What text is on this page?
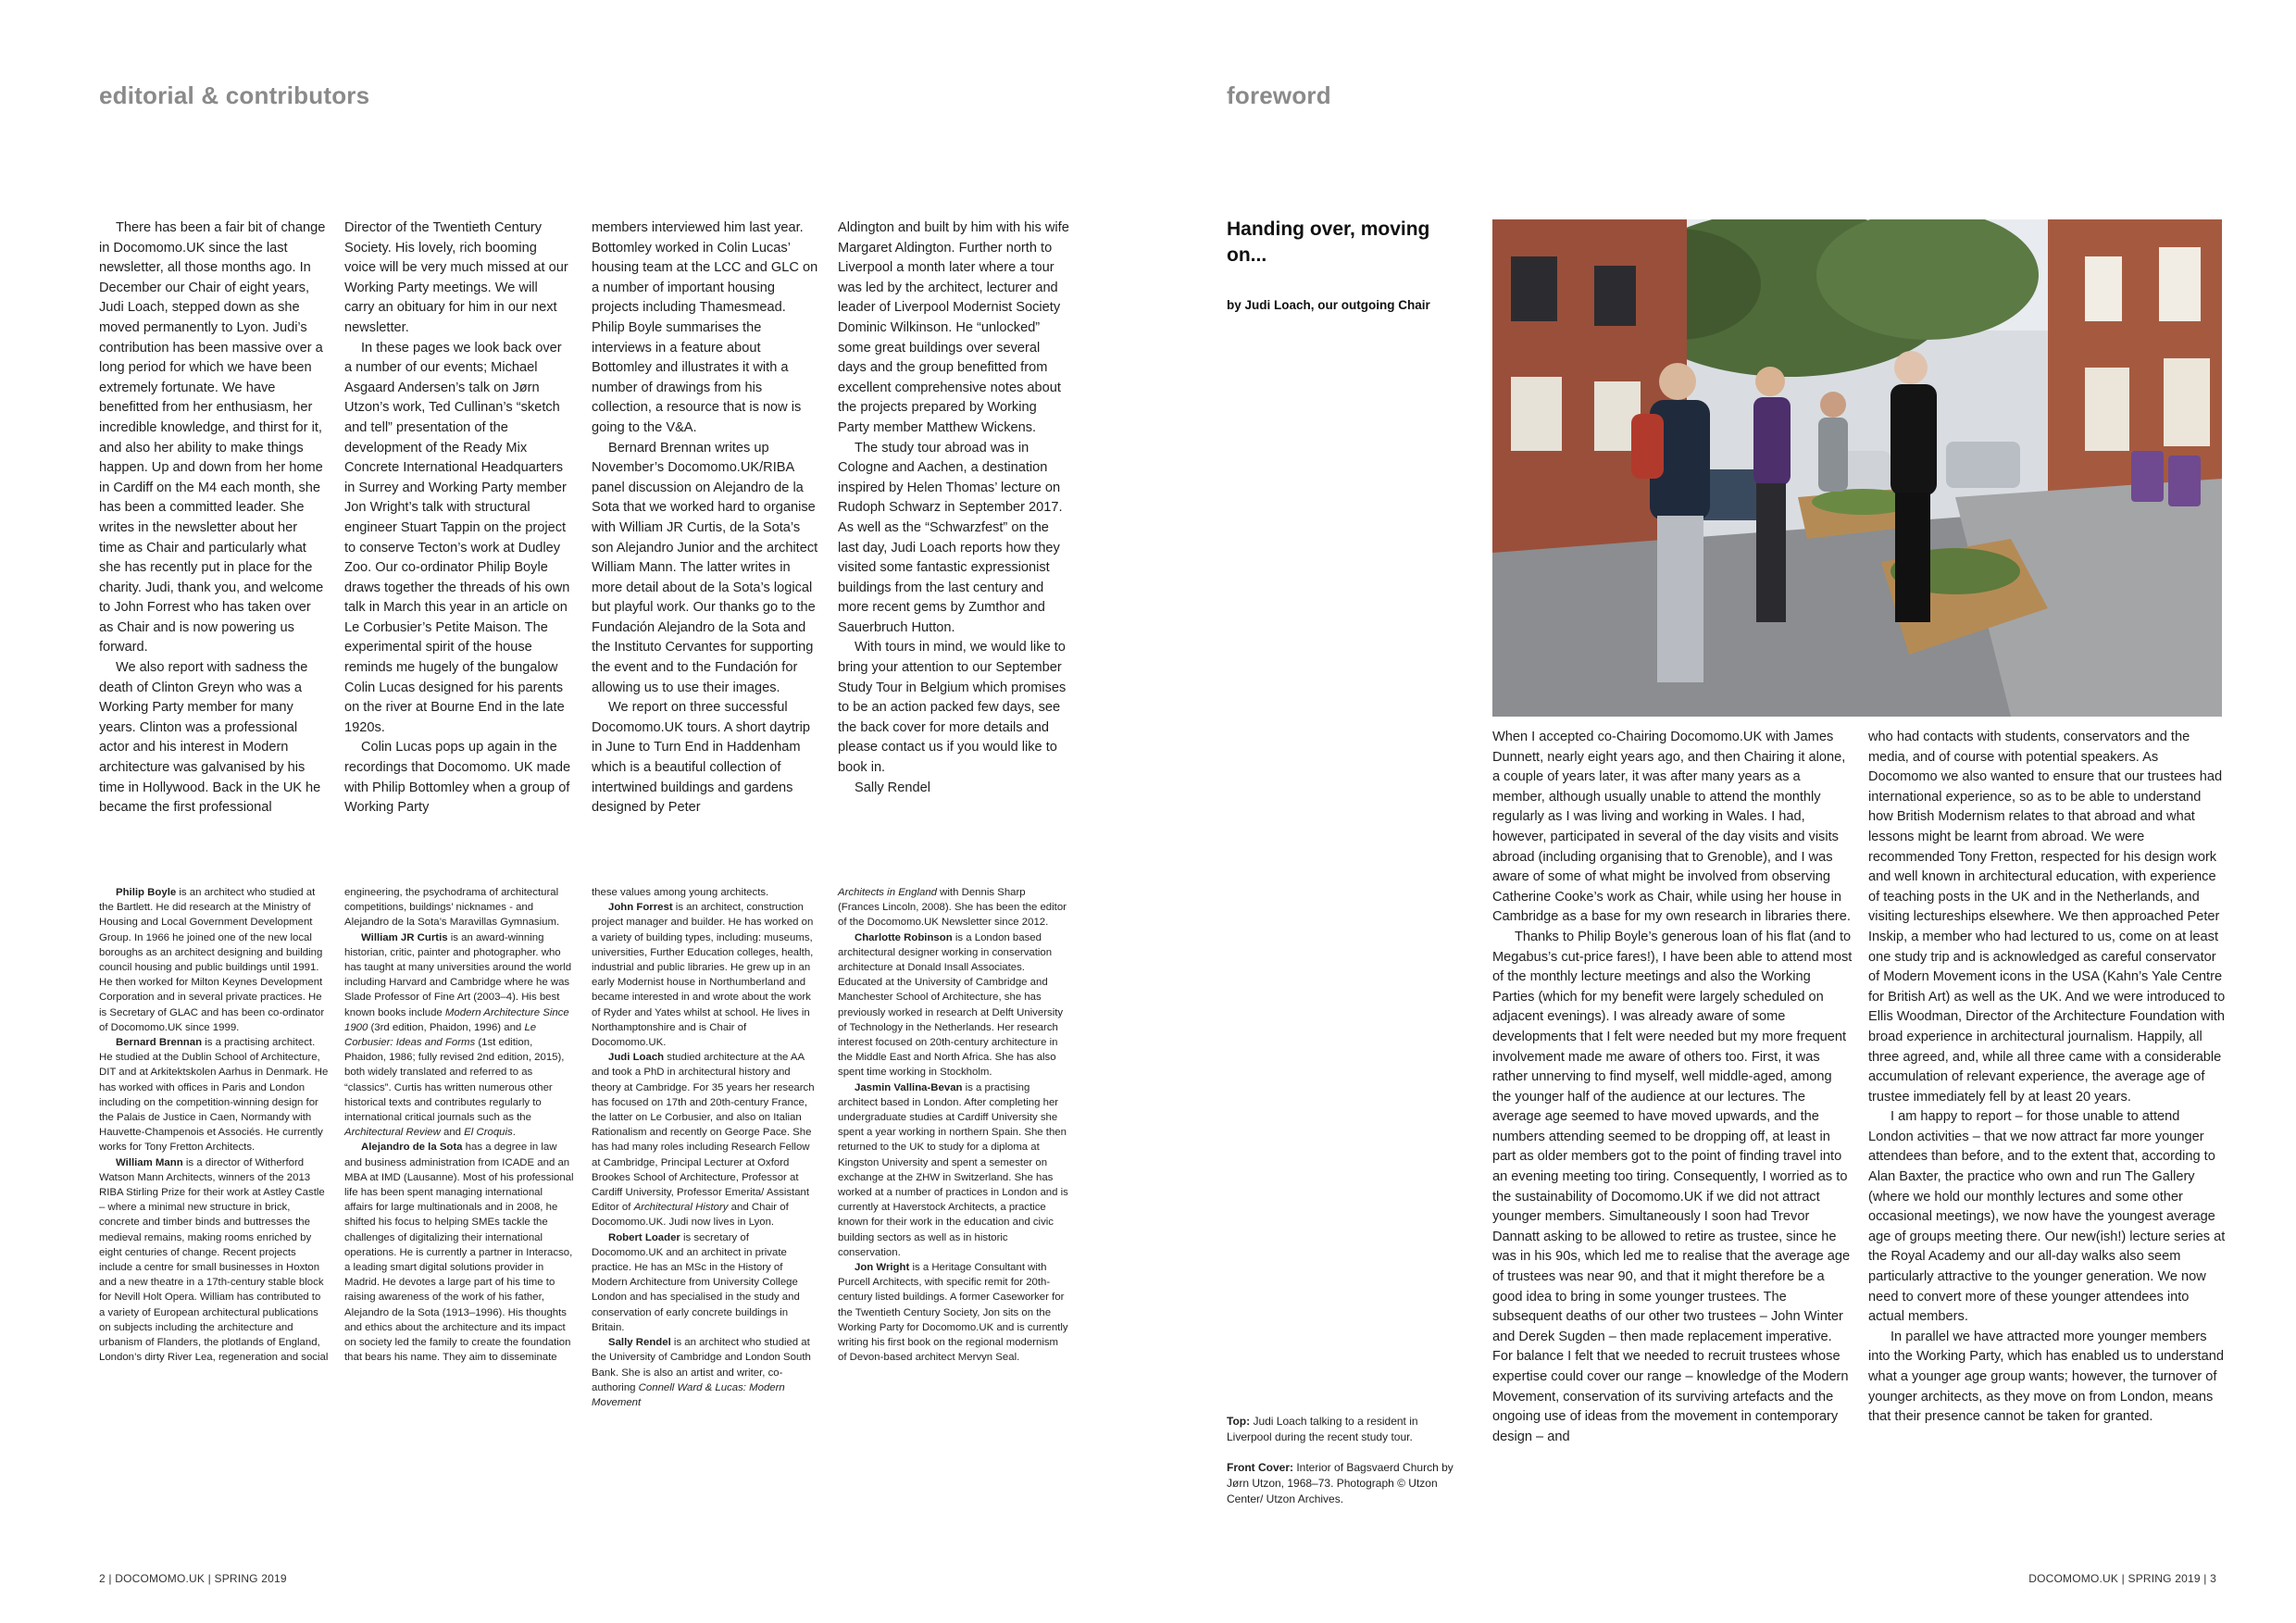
editorial & contributors

There has been a fair bit of change in Docomomo.UK since the last newsletter, all those months ago. In December our Chair of eight years, Judi Loach, stepped down as she moved permanently to Lyon. Judi’s contribution has been massive over a long period for which we have been extremely fortunate. We have benefitted from her enthusiasm, her incredible knowledge, and thirst for it, and also her ability to make things happen. Up and down from her home in Cardiff on the M4 each month, she has been a committed leader. She writes in the newsletter about her time as Chair and particularly what she has recently put in place for the charity. Judi, thank you, and welcome to John Forrest who has taken over as Chair and is now powering us forward.

We also report with sadness the death of Clinton Greyn who was a Working Party member for many years. Clinton was a professional actor and his interest in Modern architecture was galvanised by his time in Hollywood. Back in the UK he became the first professional

Director of the Twentieth Century Society. His lovely, rich booming voice will be very much missed at our Working Party meetings. We will carry an obituary for him in our next newsletter.

In these pages we look back over a number of our events; Michael Asgaard Andersen’s talk on Jørn Utzon’s work, Ted Cullinan’s “sketch and tell” presentation of the development of the Ready Mix Concrete International Headquarters in Surrey and Working Party member Jon Wright’s talk with structural engineer Stuart Tappin on the project to conserve Tecton’s work at Dudley Zoo. Our co-ordinator Philip Boyle draws together the threads of his own talk in March this year in an article on Le Corbusier’s Petite Maison. The experimental spirit of the house reminds me hugely of the bungalow Colin Lucas designed for his parents on the river at Bourne End in the late 1920s.

Colin Lucas pops up again in the recordings that Docomomo. UK made with Philip Bottomley when a group of Working Party

members interviewed him last year. Bottomley worked in Colin Lucas’ housing team at the LCC and GLC on a number of important housing projects including Thamesmead. Philip Boyle summarises the interviews in a feature about Bottomley and illustrates it with a number of drawings from his collection, a resource that is now is going to the V&A.

Bernard Brennan writes up November’s Docomomo.UK/RIBA panel discussion on Alejandro de la Sota that we worked hard to organise with William JR Curtis, de la Sota’s son Alejandro Junior and the architect William Mann. The latter writes in more detail about de la Sota’s logical but playful work. Our thanks go to the Fundación Alejandro de la Sota and the Instituto Cervantes for supporting the event and to the Fundación for allowing us to use their images.

We report on three successful Docomomo.UK tours. A short daytrip in June to Turn End in Haddenham which is a beautiful collection of intertwined buildings and gardens designed by Peter

Aldington and built by him with his wife Margaret Aldington. Further north to Liverpool a month later where a tour was led by the architect, lecturer and leader of Liverpool Modernist Society Dominic Wilkinson. He “unlocked” some great buildings over several days and the group benefitted from excellent comprehensive notes about the projects prepared by Working Party member Matthew Wickens.

The study tour abroad was in Cologne and Aachen, a destination inspired by Helen Thomas’ lecture on Rudoph Schwarz in September 2017. As well as the “Schwarzfest” on the last day, Judi Loach reports how they visited some fantastic expressionist buildings from the last century and more recent gems by Zumthor and Sauerbruch Hutton.

With tours in mind, we would like to bring your attention to our September Study Tour in Belgium which promises to be an action packed few days, see the back cover for more details and please contact us if you would like to book in.

Sally Rendel

Philip Boyle is an architect who studied at the Bartlett. He did research at the Ministry of Housing and Local Government Development Group. In 1966 he joined one of the new local boroughs as an architect designing and building council housing and public buildings until 1991. He then worked for Milton Keynes Development Corporation and in several private practices. He is Secretary of GLAC and has been co-ordinator of Docomomo.UK since 1999.

Bernard Brennan is a practising architect. He studied at the Dublin School of Architecture, DIT and at Arkitektskolen Aarhus in Denmark. He has worked with offices in Paris and London including on the competition-winning design for the Palais de Justice in Caen, Normandy with Hauvette-Champenois et Associés. He currently works for Tony Fretton Architects.

William Mann is a director of Witherford Watson Mann Architects, winners of the 2013 RIBA Stirling Prize for their work at Astley Castle – where a minimal new structure in brick, concrete and timber binds and buttresses the medieval remains, making rooms enriched by eight centuries of change. Recent projects include a centre for small businesses in Hoxton and a new theatre in a 17th-century stable block for Nevill Holt Opera. William has contributed to a variety of European architectural publications on subjects including the architecture and urbanism of Flanders, the plotlands of England, London’s dirty River Lea, regeneration and social

engineering, the psychodrama of architectural competitions, buildings’ nicknames - and Alejandro de la Sota’s Maravillas Gymnasium.

William JR Curtis is an award-winning historian, critic, painter and photographer. who has taught at many universities around the world including Harvard and Cambridge where he was Slade Professor of Fine Art (2003–4). His best known books include Modern Architecture Since 1900 (3rd edition, Phaidon, 1996) and Le Corbusier: Ideas and Forms (1st edition, Phaidon, 1986; fully revised 2nd edition, 2015), both widely translated and referred to as “classics”. Curtis has written numerous other historical texts and contributes regularly to international critical journals such as the Architectural Review and El Croquis.

Alejandro de la Sota has a degree in law and business administration from ICADE and an MBA at IMD (Lausanne). Most of his professional life has been spent managing international affairs for large multinationals and in 2008, he shifted his focus to helping SMEs tackle the challenges of digitalizing their international operations. He is currently a partner in Interacso, a leading smart digital solutions provider in Madrid. He devotes a large part of his time to raising awareness of the work of his father, Alejandro de la Sota (1913–1996). His thoughts and ethics about the architecture and its impact on society led the family to create the foundation that bears his name. They aim to disseminate

these values among young architects.

John Forrest is an architect, construction project manager and builder. He has worked on a variety of building types, including: museums, universities, Further Education colleges, health, industrial and public libraries. He grew up in an early Modernist house in Northumberland and became interested in and wrote about the work of Ryder and Yates whilst at school. He lives in Northamptonshire and is Chair of Docomomo.UK.

Judi Loach studied architecture at the AA and took a PhD in architectural history and theory at Cambridge. For 35 years her research has focused on 17th and 20th-century France, the latter on Le Corbusier, and also on Italian Rationalism and recently on George Pace. She has had many roles including Research Fellow at Cambridge, Principal Lecturer at Oxford Brookes School of Architecture, Professor at Cardiff University, Professor Emerita/ Assistant Editor of Architectural History and Chair of Docomomo.UK. Judi now lives in Lyon.

Robert Loader is secretary of Docomomo.UK and an architect in private practice. He has an MSc in the History of Modern Architecture from University College London and has specialised in the study and conservation of early concrete buildings in Britain.

Sally Rendel is an architect who studied at the University of Cambridge and London South Bank. She is also an artist and writer, co-authoring Connell Ward & Lucas: Modern Movement

Architects in England with Dennis Sharp (Frances Lincoln, 2008). She has been the editor of the Docomomo.UK Newsletter since 2012.

Charlotte Robinson is a London based architectural designer working in conservation architecture at Donald Insall Associates. Educated at the University of Cambridge and Manchester School of Architecture, she has previously worked in research at Delft University of Technology in the Netherlands. Her research interest focused on 20th-century architecture in the Middle East and North Africa. She has also spent time working in Stockholm.

Jasmin Vallina-Bevan is a practising architect based in London. After completing her undergraduate studies at Cardiff University she spent a year working in northern Spain. She then returned to the UK to study for a diploma at Kingston University and spent a semester on exchange at the ZHW in Switzerland. She has worked at a number of practices in London and is currently at Haverstock Architects, a practice known for their work in the education and civic building sectors as well as in historic conservation.

Jon Wright is a Heritage Consultant with Purcell Architects, with specific remit for 20th-century listed buildings. A former Caseworker for the Twentieth Century Society, Jon sits on the Working Party for Docomomo.UK and is currently writing his first book on the regional modernism of Devon-based architect Mervyn Seal.

2 | DOCOMOMO.UK | SPRING 2019
foreword
Handing over, moving on...

by Judi Loach, our outgoing Chair

Top: Judi Loach talking to a resident in Liverpool during the recent study tour.

Front Cover: Interior of Bagsvaerd Church by Jørn Utzon, 1968–73. Photograph © Utzon Center/ Utzon Archives.

When I accepted co-Chairing Docomomo.UK with James Dunnett, nearly eight years ago, and then Chairing it alone, a couple of years later, it was after many years as a member, although usually unable to attend the monthly regularly as I was living and working in Wales. I had, however, participated in several of the day visits and visits abroad (including organising that to Grenoble), and I was aware of some of what might be involved from observing Catherine Cooke’s work as Chair, while using her house in Cambridge as a base for my own research in libraries there.

Thanks to Philip Boyle’s generous loan of his flat (and to Megabus’s cut-price fares!), I have been able to attend most of the monthly lecture meetings and also the Working Parties (which for my benefit were largely scheduled on adjacent evenings). I was already aware of some developments that I felt were needed but my more frequent involvement made me aware of others too. First, it was rather unnerving to find myself, well middle-aged, among the younger half of the audience at our lectures. The average age seemed to have moved upwards, and the numbers attending seemed to be dropping off, at least in part as older members got to the point of finding travel into an evening meeting too tiring. Consequently, I worried as to the sustainability of Docomomo.UK if we did not attract younger members. Simultaneously I soon had Trevor Dannatt asking to be allowed to retire as trustee, since he was in his 90s, which led me to realise that the average age of trustees was near 90, and that it might therefore be a good idea to bring in some younger trustees. The subsequent deaths of our other two trustees – John Winter and Derek Sugden – then made replacement imperative. For balance I felt that we needed to recruit trustees whose expertise could cover our range – knowledge of the Modern Movement, conservation of its surviving artefacts and the ongoing use of ideas from the movement in contemporary design – and

who had contacts with students, conservators and the media, and of course with potential speakers. As Docomomo we also wanted to ensure that our trustees had international experience, so as to be able to understand how British Modernism relates to that abroad and what lessons might be learnt from abroad. We were recommended Tony Fretton, respected for his design work and well known in architectural education, with experience of teaching posts in the UK and in the Netherlands, and visiting lectureships elsewhere. We then approached Peter Inskip, a member who had lectured to us, come on at least one study trip and is acknowledged as careful conservator of Modern Movement icons in the USA (Kahn’s Yale Centre for British Art) as well as the UK. And we were introduced to Ellis Woodman, Director of the Architecture Foundation with broad experience in architectural journalism. Happily, all three agreed, and, while all three came with a considerable accumulation of relevant experience, the average age of trustee immediately fell by at least 20 years.

I am happy to report – for those unable to attend London activities – that we now attract far more younger attendees than before, and to the extent that, according to Alan Baxter, the practice who own and run The Gallery (where we hold our monthly lectures and some other occasional meetings), we now have the youngest average age of groups meeting there. Our new(ish!) lecture series at the Royal Academy and our all-day walks also seem particularly attractive to the younger generation. We now need to convert more of these younger attendees into actual members.

In parallel we have attracted more younger members into the Working Party, which has enabled us to understand what a younger age group wants; however, the turnover of younger architects, as they move on from London, means that their presence cannot be taken for granted.

DOCOMOMO.UK | SPRING 2019 | 3
